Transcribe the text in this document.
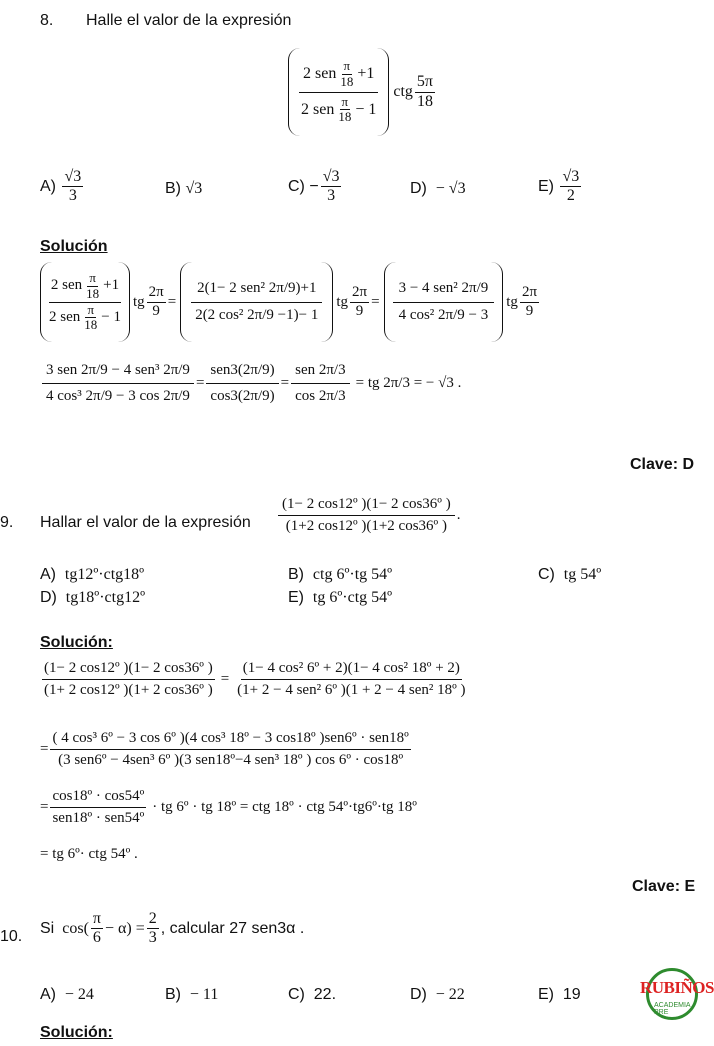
8. Halle el valor de la expresión
$\frac{2 sen \frac{\pi}{18} +1}{2 sen \frac{\pi}{18} - 1}$ ctg $\frac{5\pi}{18}$
A)
$\frac{√3}{3}$	B) √3	C)
− $\frac{√3}{3}$	D) − √3	E)
$\frac{√3}{2}$
Solución
$\frac{2 sen \frac{\pi}{18} +1}{2 sen \frac{\pi}{18} - 1}$ tg $\frac{2\pi}{9} = \frac{\text{2(1− 2 sen² 2π/9)+1}}{\text{2(2 cos² 2π/9 −1)− 1}}$ tg $\frac{2\pi}{9} = \frac{\text{3 − 4 sen² 2π/9}}{\text{4 cos² 2π/9 − 3}}$ tg $\frac{2\pi}{9}$
$\frac{\text{3 sen 2π/9 − 4 sen³ 2π/9}}{\text{4 cos³ 2π/9 − 3 cos 2π/9}} = \frac{\text{sen3(2π/9)}}{\cos 3(2\pi/9)} = \frac{\text{sen 2π/3}}{\cos 2\pi/3}$ = tg 2π/3 = − √3 .
Clave: D
9. Hallar el valor de la expresión $\frac{\text{(1− 2 cos12º )(1− 2 cos36º )}}{\text{(1+2 cos12º )(1+2 cos36º )}}$ .
A) tg12º·ctg18º	B) ctg 6º·tg 54º	C) tg 54º
D) tg18º·ctg12º	E) tg 6º·ctg 54º
Solución:
$\frac{\text{(1− 2 cos12º )(1− 2 cos36º )}}{\text{(1+ 2 cos12º )(1+ 2 cos36º )}} = \frac{\text{(1− 4 cos² 6º + 2)(1− 4 cos² 18º + 2)}}{\text{(1+ 2 − 4 sen² 6º )(1 + 2 − 4 sen² 18º )}}$
=
( 4 cos³ 6º − 3 cos 6º )(4 cos³ 18º − 3 cos18º )sen6º · sen18º
(3 sen6º − 4sen³ 6º )(3 sen18º−4 sen³ 18º ) cos 6º · cos18º
= $\frac{\text{cos18º · cos54º}}{\text{sen18º · sen54º}}$ · tg 6º · tg 18º = ctg 18º · ctg 54º·tg6º·tg 18º
= tg 6º· ctg 54º .
Clave: E
10. Si
$\cos( \frac{\pi}{6} - \alpha) = \frac{2}{3}$ , calcular 27 sen3α .
A) − 24	B) − 11	C) 22.	D) − 22	E) 19
Solución:
RUBIÑOS
ACADEMIA PRE
